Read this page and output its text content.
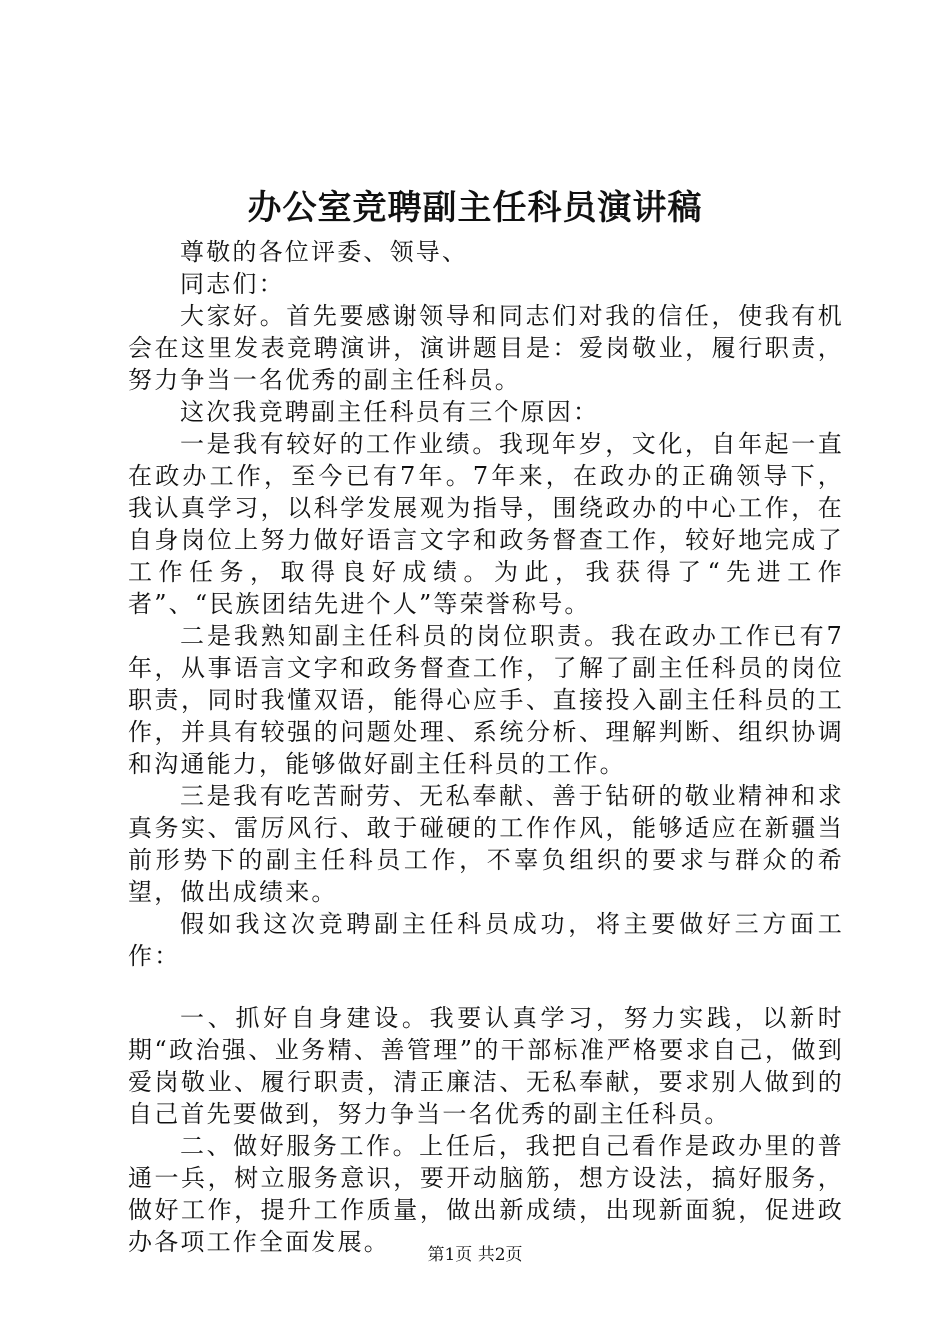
办公室竞聘副主任科员演讲稿

尊敬的各位评委、领导、

同志们：

大家好。首先要感谢领导和同志们对我的信任，使我有机会在这里发表竞聘演讲，演讲题目是：爱岗敬业，履行职责，努力争当一名优秀的副主任科员。

这次我竞聘副主任科员有三个原因：

一是我有较好的工作业绩。我现年岁，文化，自年起一直在政办工作，至今已有7年。7年来，在政办的正确领导下，我认真学习，以科学发展观为指导，围绕政办的中心工作，在自身岗位上努力做好语言文字和政务督查工作，较好地完成了工作任务，取得良好成绩。为此，我获得了“先进工作者”、“民族团结先进个人”等荣誉称号。

二是我熟知副主任科员的岗位职责。我在政办工作已有7年，从事语言文字和政务督查工作，了解了副主任科员的岗位职责，同时我懂双语，能得心应手、直接投入副主任科员的工作，并具有较强的问题处理、系统分析、理解判断、组织协调和沟通能力，能够做好副主任科员的工作。

三是我有吃苦耐劳、无私奉献、善于钻研的敬业精神和求真务实、雷厉风行、敢于碰硬的工作作风，能够适应在新疆当前形势下的副主任科员工作，不辜负组织的要求与群众的希望，做出成绩来。

假如我这次竞聘副主任科员成功，将主要做好三方面工作：

一、抓好自身建设。我要认真学习，努力实践，以新时期“政治强、业务精、善管理”的干部标准严格要求自己，做到爱岗敬业、履行职责，清正廉洁、无私奉献，要求别人做到的自己首先要做到，努力争当一名优秀的副主任科员。

二、做好服务工作。上任后，我把自己看作是政办里的普通一兵，树立服务意识，要开动脑筋，想方设法，搞好服务，做好工作，提升工作质量，做出新成绩，出现新面貌，促进政办各项工作全面发展。	第1页 共2页
